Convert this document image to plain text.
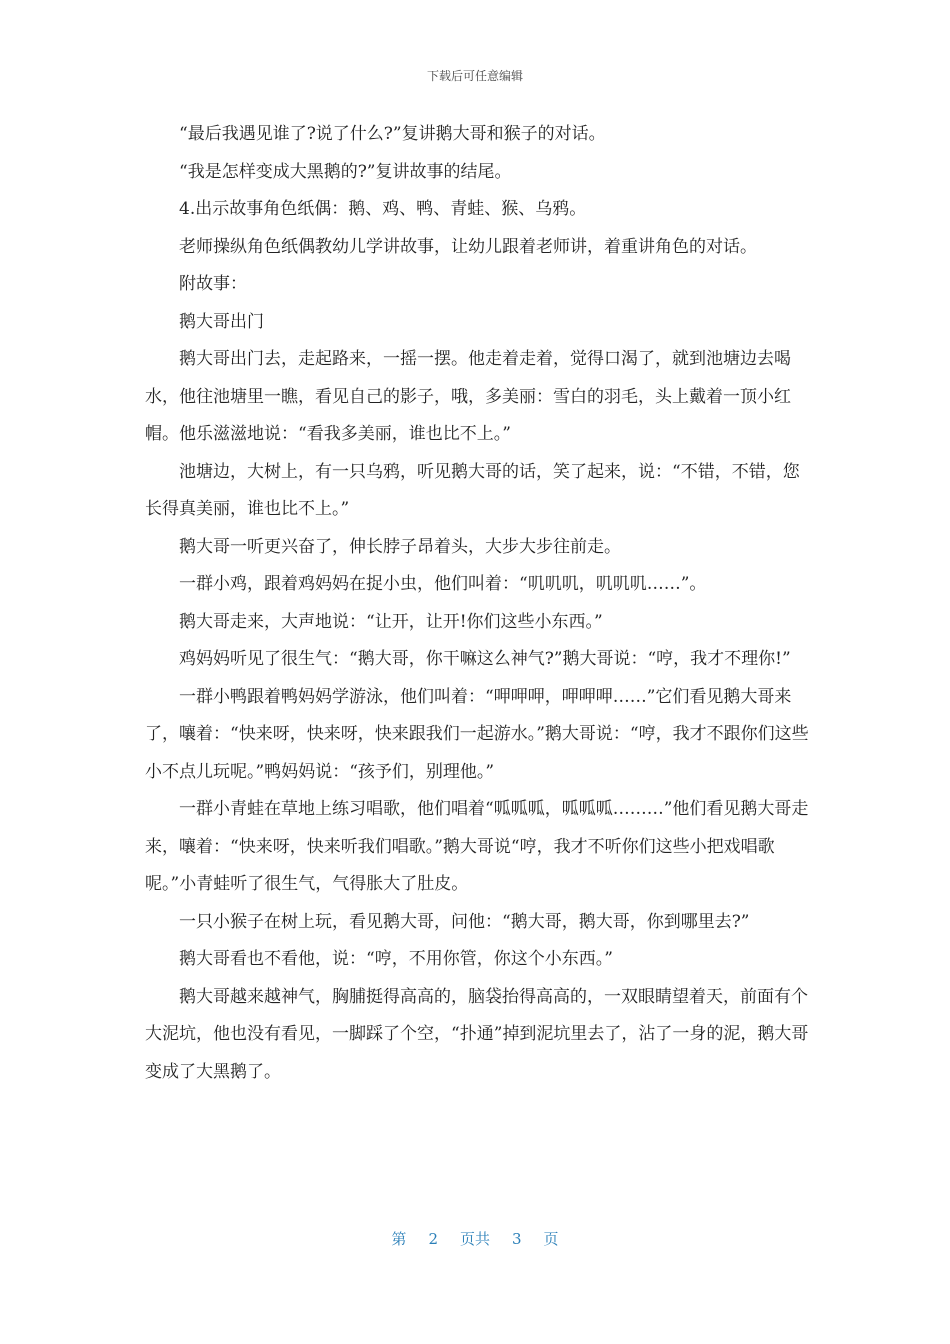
下载后可任意编辑

“最后我遇见谁了?说了什么?”复讲鹅大哥和猴子的对话。

“我是怎样变成大黑鹅的?”复讲故事的结尾。

4.出示故事角色纸偶：鹅、鸡、鸭、青蛙、猴、乌鸦。

老师操纵角色纸偶教幼儿学讲故事，让幼儿跟着老师讲，着重讲角色的对话。

附故事：

鹅大哥出门

鹅大哥出门去，走起路来，一摇一摆。他走着走着，觉得口渴了，就到池塘边去喝水，他往池塘里一瞧，看见自己的影子，哦，多美丽：雪白的羽毛，头上戴着一顶小红帽。他乐滋滋地说：“看我多美丽，谁也比不上。”

池塘边，大树上，有一只乌鸦，听见鹅大哥的话，笑了起来，说：“不错，不错，您长得真美丽，谁也比不上。”

鹅大哥一听更兴奋了，伸长脖子昂着头，大步大步往前走。

一群小鸡，跟着鸡妈妈在捉小虫，他们叫着：“叽叽叽，叽叽叽……”。

鹅大哥走来，大声地说：“让开，让开!你们这些小东西。”

鸡妈妈听见了很生气：“鹅大哥，你干嘛这么神气?”鹅大哥说：“哼，我才不理你!”

一群小鸭跟着鸭妈妈学游泳，他们叫着：“呷呷呷，呷呷呷……”它们看见鹅大哥来了，嚷着：“快来呀，快来呀，快来跟我们一起游水。”鹅大哥说：“哼，我才不跟你们这些小不点儿玩呢。”鸭妈妈说：“孩予们，别理他。”

一群小青蛙在草地上练习唱歌，他们唱着“呱呱呱，呱呱呱………”他们看见鹅大哥走来，嚷着：“快来呀，快来听我们唱歌。”鹅大哥说“哼，我才不听你们这些小把戏唱歌呢。”小青蛙听了很生气，气得胀大了肚皮。

一只小猴子在树上玩，看见鹅大哥，问他：“鹅大哥，鹅大哥，你到哪里去?”

鹅大哥看也不看他，说：“哼，不用你管，你这个小东西。”

鹅大哥越来越神气，胸脯挺得高高的，脑袋抬得高高的，一双眼睛望着天，前面有个大泥坑，他也没有看见，一脚踩了个空，“扑通”掉到泥坑里去了，沾了一身的泥，鹅大哥变成了大黑鹅了。

第 2 页共 3 页
